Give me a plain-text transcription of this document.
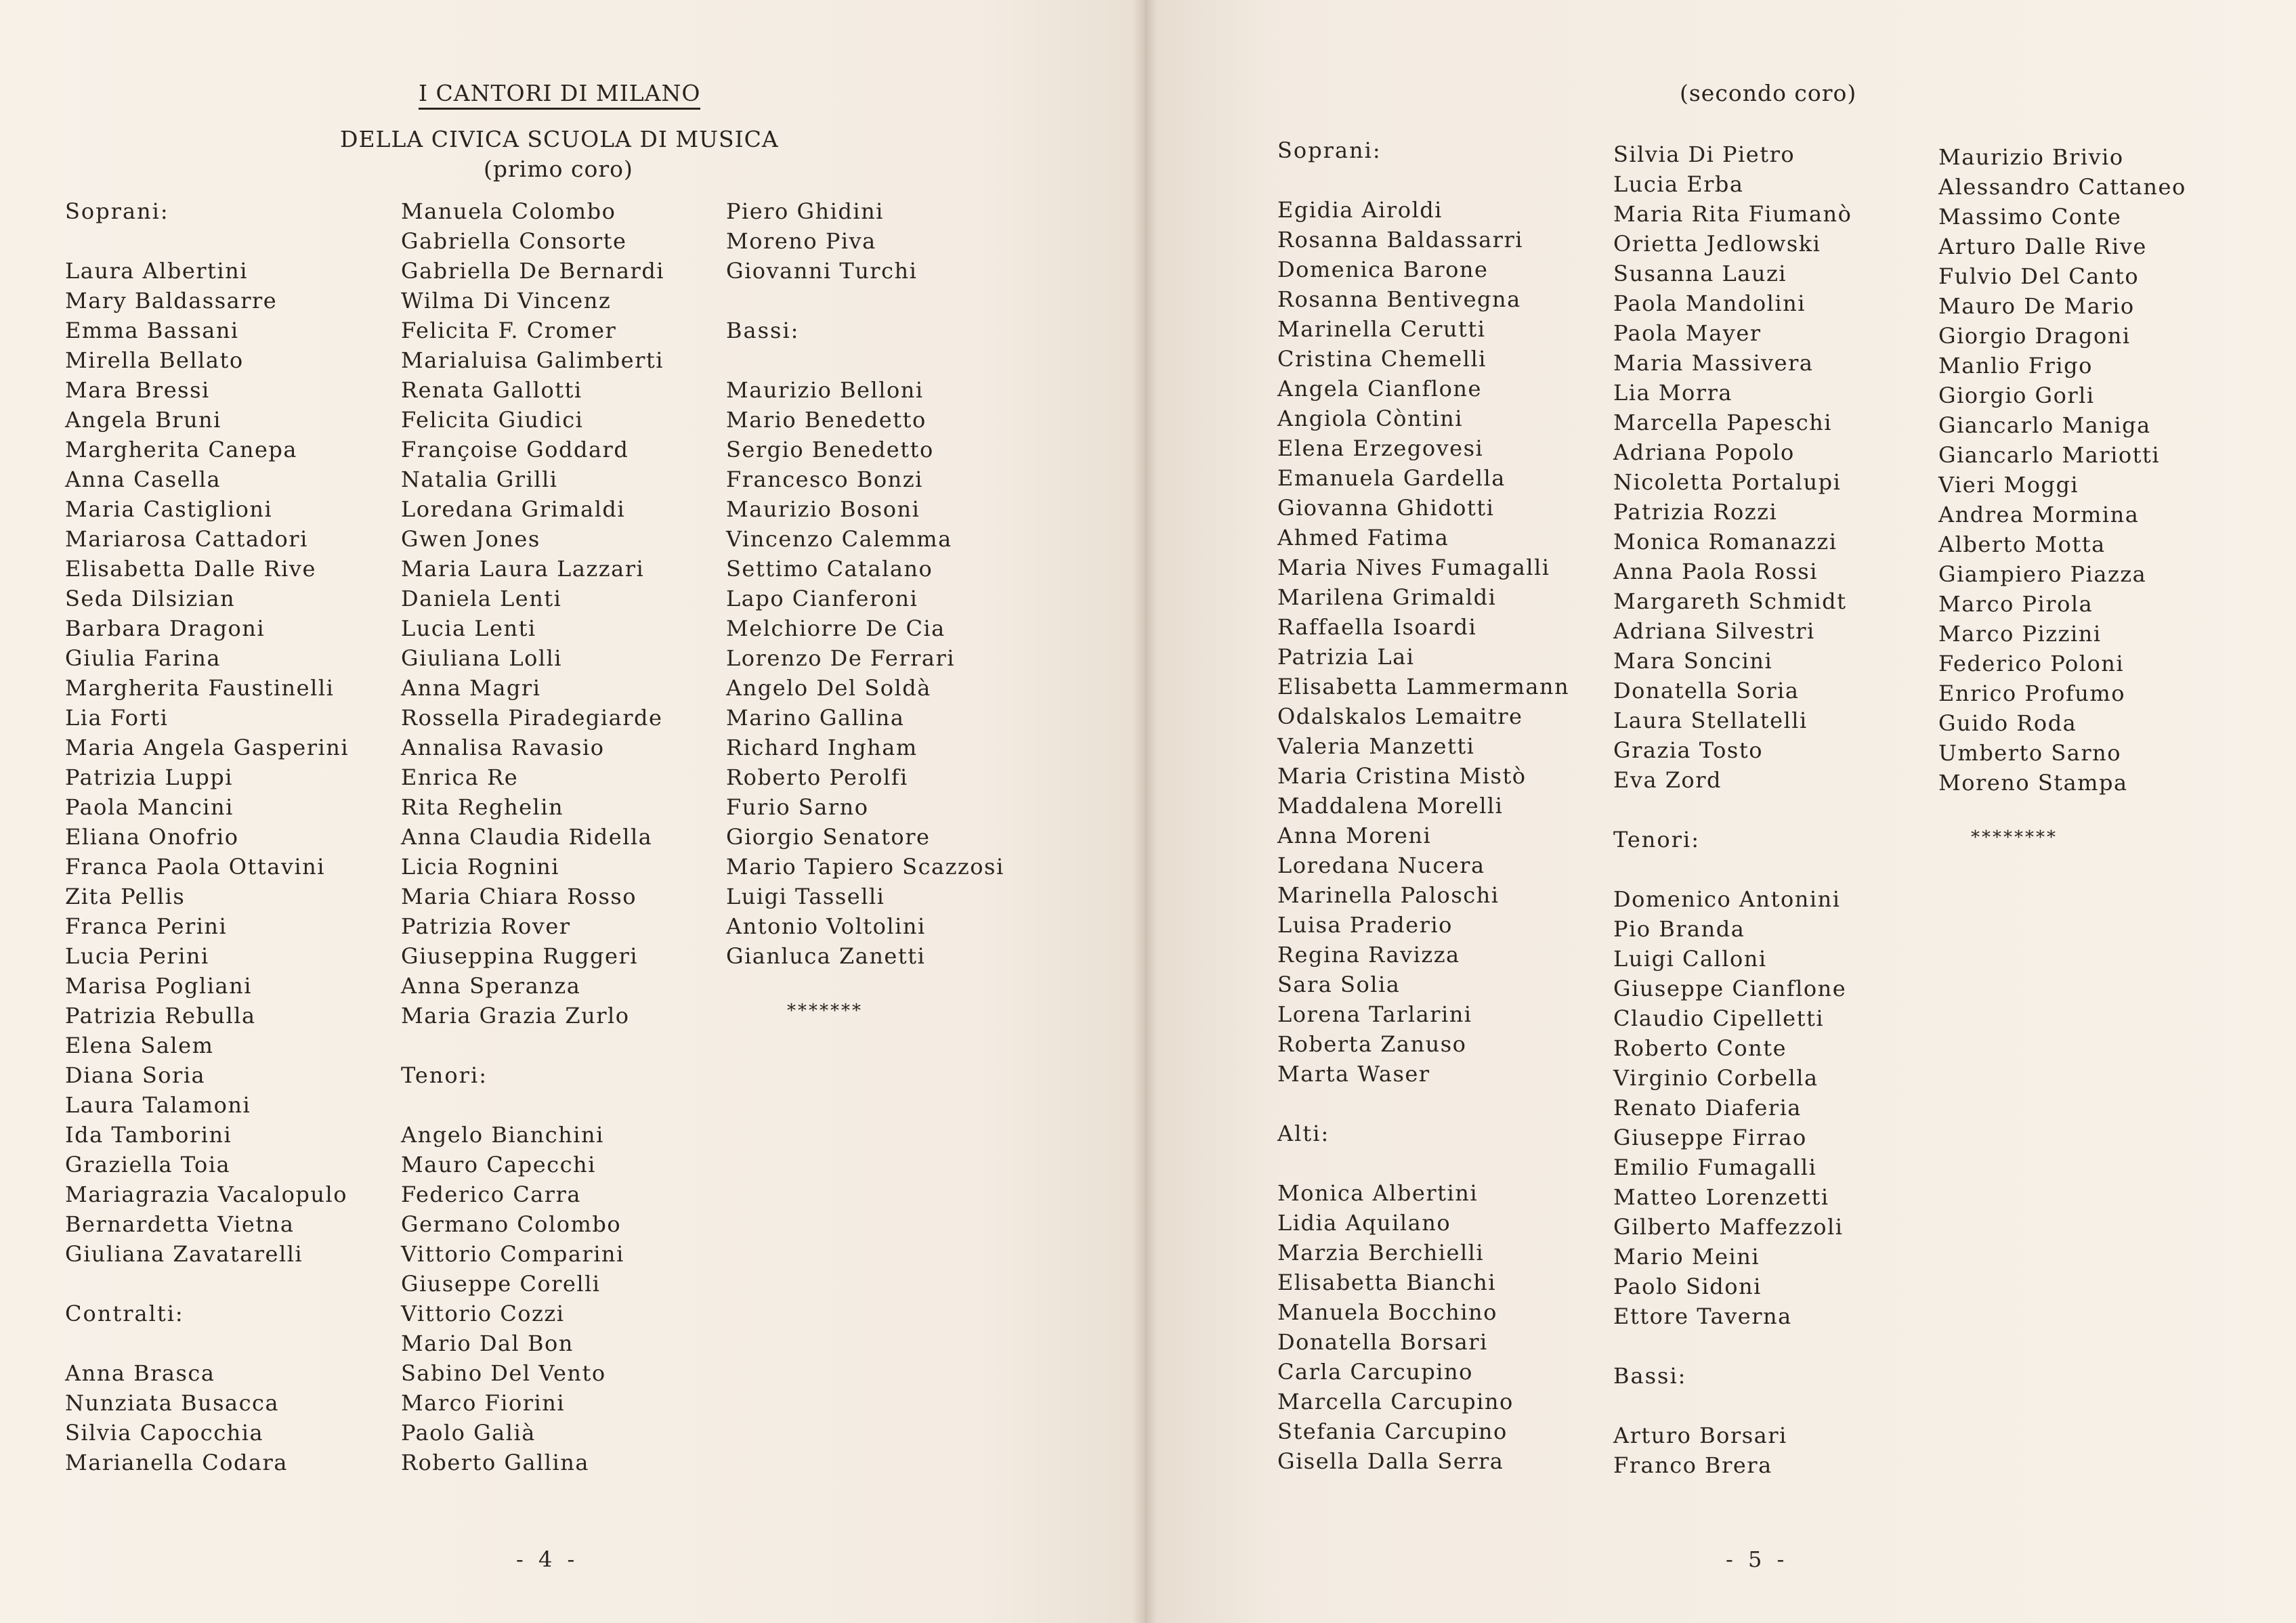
I CANTORI DI MILANO
DELLA CIVICA SCUOLA DI MUSICA
(primo coro)
Soprani:
Laura Albertini
Mary Baldassarre
Emma Bassani
Mirella Bellato
Mara Bressi
Angela Bruni
Margherita Canepa
Anna Casella
Maria Castiglioni
Mariarosa Cattadori
Elisabetta Dalle Rive
Seda Dilsizian
Barbara Dragoni
Giulia Farina
Margherita Faustinelli
Lia Forti
Maria Angela Gasperini
Patrizia Luppi
Paola Mancini
Eliana Onofrio
Franca Paola Ottavini
Zita Pellis
Franca Perini
Lucia Perini
Marisa Pogliani
Patrizia Rebulla
Elena Salem
Diana Soria
Laura Talamoni
Ida Tamborini
Graziella Toia
Mariagrazia Vacalopulo
Bernardetta Vietna
Giuliana Zavatarelli
Contralti:
Anna Brasca
Nunziata Busacca
Silvia Capocchia
Marianella Codara
Manuela Colombo
Gabriella Consorte
Gabriella De Bernardi
Wilma Di Vincenz
Felicita F. Cromer
Marialuisa Galimberti
Renata Gallotti
Felicita Giudici
Françoise Goddard
Natalia Grilli
Loredana Grimaldi
Gwen Jones
Maria Laura Lazzari
Daniela Lenti
Lucia Lenti
Giuliana Lolli
Anna Magri
Rossella Piradegiarde
Annalisa Ravasio
Enrica Re
Rita Reghelin
Anna Claudia Ridella
Licia Rognini
Maria Chiara Rosso
Patrizia Rover
Giuseppina Ruggeri
Anna Speranza
Maria Grazia Zurlo
Tenori:
Angelo Bianchini
Mauro Capecchi
Federico Carra
Germano Colombo
Vittorio Comparini
Giuseppe Corelli
Vittorio Cozzi
Mario Dal Bon
Sabino Del Vento
Marco Fiorini
Paolo Galià
Roberto Gallina
Piero Ghidini
Moreno Piva
Giovanni Turchi
Bassi:
Maurizio Belloni
Mario Benedetto
Sergio Benedetto
Francesco Bonzi
Maurizio Bosoni
Vincenzo Calemma
Settimo Catalano
Lapo Cianferoni
Melchiorre De Cia
Lorenzo De Ferrari
Angelo Del Soldà
Marino Gallina
Richard Ingham
Roberto Perolfi
Furio Sarno
Giorgio Senatore
Mario Tapiero Scazzosi
Luigi Tasselli
Antonio Voltolini
Gianluca Zanetti
*******
- 4 -
(secondo coro)
Soprani:
Egidia Airoldi
Rosanna Baldassarri
Domenica Barone
Rosanna Bentivegna
Marinella Cerutti
Cristina Chemelli
Angela Cianflone
Angiola Còntini
Elena Erzegovesi
Emanuela Gardella
Giovanna Ghidotti
Ahmed Fatima
Maria Nives Fumagalli
Marilena Grimaldi
Raffaella Isoardi
Patrizia Lai
Elisabetta Lammermann
Odalskalos Lemaitre
Valeria Manzetti
Maria Cristina Mistò
Maddalena Morelli
Anna Moreni
Loredana Nucera
Marinella Paloschi
Luisa Praderio
Regina Ravizza
Sara Solia
Lorena Tarlarini
Roberta Zanuso
Marta Waser
Alti:
Monica Albertini
Lidia Aquilano
Marzia Berchielli
Elisabetta Bianchi
Manuela Bocchino
Donatella Borsari
Carla Carcupino
Marcella Carcupino
Stefania Carcupino
Gisella Dalla Serra
Silvia Di Pietro
Lucia Erba
Maria Rita Fiumanò
Orietta Jedlowski
Susanna Lauzi
Paola Mandolini
Paola Mayer
Maria Massivera
Lia Morra
Marcella Papeschi
Adriana Popolo
Nicoletta Portalupi
Patrizia Rozzi
Monica Romanazzi
Anna Paola Rossi
Margareth Schmidt
Adriana Silvestri
Mara Soncini
Donatella Soria
Laura Stellatelli
Grazia Tosto
Eva Zord
Tenori:
Domenico Antonini
Pio Branda
Luigi Calloni
Giuseppe Cianflone
Claudio Cipelletti
Roberto Conte
Virginio Corbella
Renato Diaferia
Giuseppe Firrao
Emilio Fumagalli
Matteo Lorenzetti
Gilberto Maffezzoli
Mario Meini
Paolo Sidoni
Ettore Taverna
Bassi:
Arturo Borsari
Franco Brera
Maurizio Brivio
Alessandro Cattaneo
Massimo Conte
Arturo Dalle Rive
Fulvio Del Canto
Mauro De Mario
Giorgio Dragoni
Manlio Frigo
Giorgio Gorli
Giancarlo Maniga
Giancarlo Mariotti
Vieri Moggi
Andrea Mormina
Alberto Motta
Giampiero Piazza
Marco Pirola
Marco Pizzini
Federico Poloni
Enrico Profumo
Guido Roda
Umberto Sarno
Moreno Stampa
********
- 5 -
